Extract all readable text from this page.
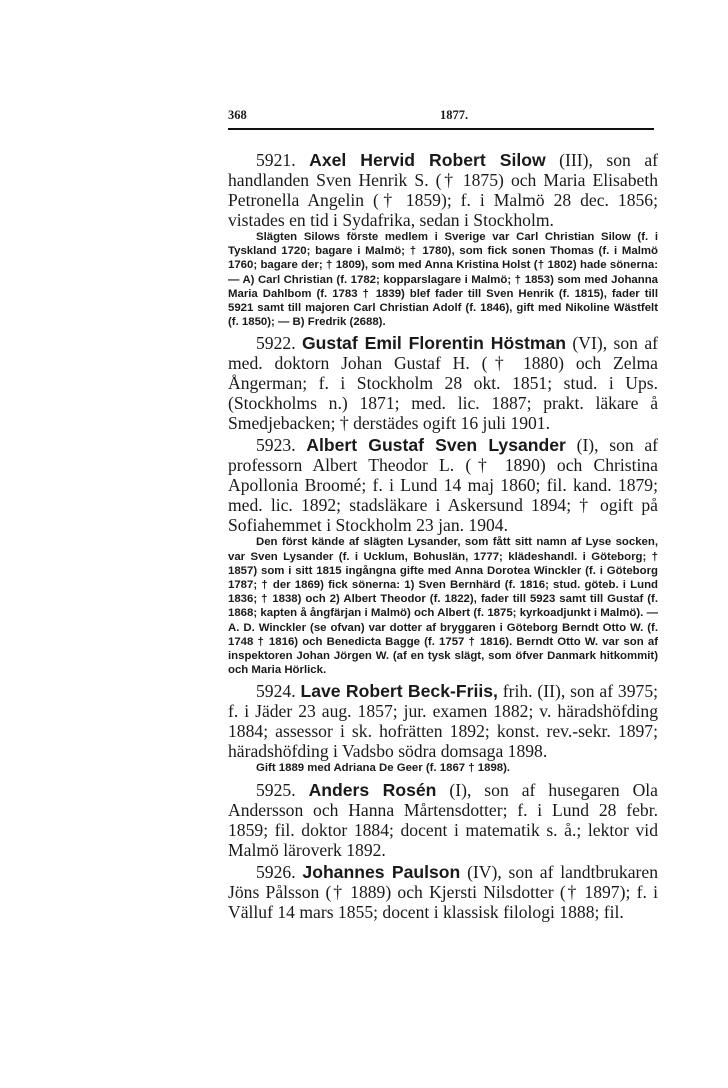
368	1877.

5921. Axel Hervid Robert Silow (III), son af handlanden Sven Henrik S. († 1875) och Maria Elisabeth Petronella Angelin († 1859); f. i Malmö 28 dec. 1856; vistades en tid i Sydafrika, sedan i Stockholm.

Slägten Silows förste medlem i Sverige var Carl Christian Silow (f. i Tyskland 1720; bagare i Malmö; † 1780), som fick sonen Thomas (f. i Malmö 1760; bagare der; † 1809), som med Anna Kristina Holst († 1802) hade sönerna: — A) Carl Christian (f. 1782; kopparslagare i Malmö; † 1853) som med Johanna Maria Dahlbom (f. 1783 † 1839) blef fader till Sven Henrik (f. 1815), fader till 5921 samt till majoren Carl Christian Adolf (f. 1846), gift med Nikoline Wästfelt (f. 1850); — B) Fredrik (2688).

5922. Gustaf Emil Florentin Höstman (VI), son af med. doktorn Johan Gustaf H. († 1880) och Zelma Ångerman; f. i Stockholm 28 okt. 1851; stud. i Ups. (Stockholms n.) 1871; med. lic. 1887; prakt. läkare å Smedjebacken; † derstädes ogift 16 juli 1901.

5923. Albert Gustaf Sven Lysander (I), son af professorn Albert Theodor L. († 1890) och Christina Apollonia Broomé; f. i Lund 14 maj 1860; fil. kand. 1879; med. lic. 1892; stadsläkare i Askersund 1894; † ogift på Sofiahemmet i Stockholm 23 jan. 1904.

Den först kände af slägten Lysander, som fått sitt namn af Lyse socken, var Sven Lysander (f. i Ucklum, Bohuslän, 1777; klädeshandl. i Göteborg; † 1857) som i sitt 1815 ingångna gifte med Anna Dorotea Winckler (f. i Göteborg 1787; † der 1869) fick sönerna: 1) Sven Bernhärd (f. 1816; stud. göteb. i Lund 1836; † 1838) och 2) Albert Theodor (f. 1822), fader till 5923 samt till Gustaf (f. 1868; kapten å ångfärjan i Malmö) och Albert (f. 1875; kyrkoadjunkt i Malmö). — A. D. Winckler (se ofvan) var dotter af bryggaren i Göteborg Berndt Otto W. (f. 1748 † 1816) och Benedicta Bagge (f. 1757 † 1816). Berndt Otto W. var son af inspektoren Johan Jörgen W. (af en tysk slägt, som öfver Danmark hitkommit) och Maria Hörlick.

5924. Lave Robert Beck-Friis, frih. (II), son af 3975; f. i Jäder 23 aug. 1857; jur. examen 1882; v. häradshöfding 1884; assessor i sk. hofrätten 1892; konst. rev.-sekr. 1897; häradshöfding i Vadsbo södra domsaga 1898.

Gift 1889 med Adriana De Geer (f. 1867 † 1898).

5925. Anders Rosén (I), son af husegaren Ola Andersson och Hanna Mårtensdotter; f. i Lund 28 febr. 1859; fil. doktor 1884; docent i matematik s. å.; lektor vid Malmö läroverk 1892.

5926. Johannes Paulson (IV), son af landtbrukaren Jöns Pålsson († 1889) och Kjersti Nilsdotter († 1897); f. i Välluf 14 mars 1855; docent i klassisk filologi 1888; fil.
